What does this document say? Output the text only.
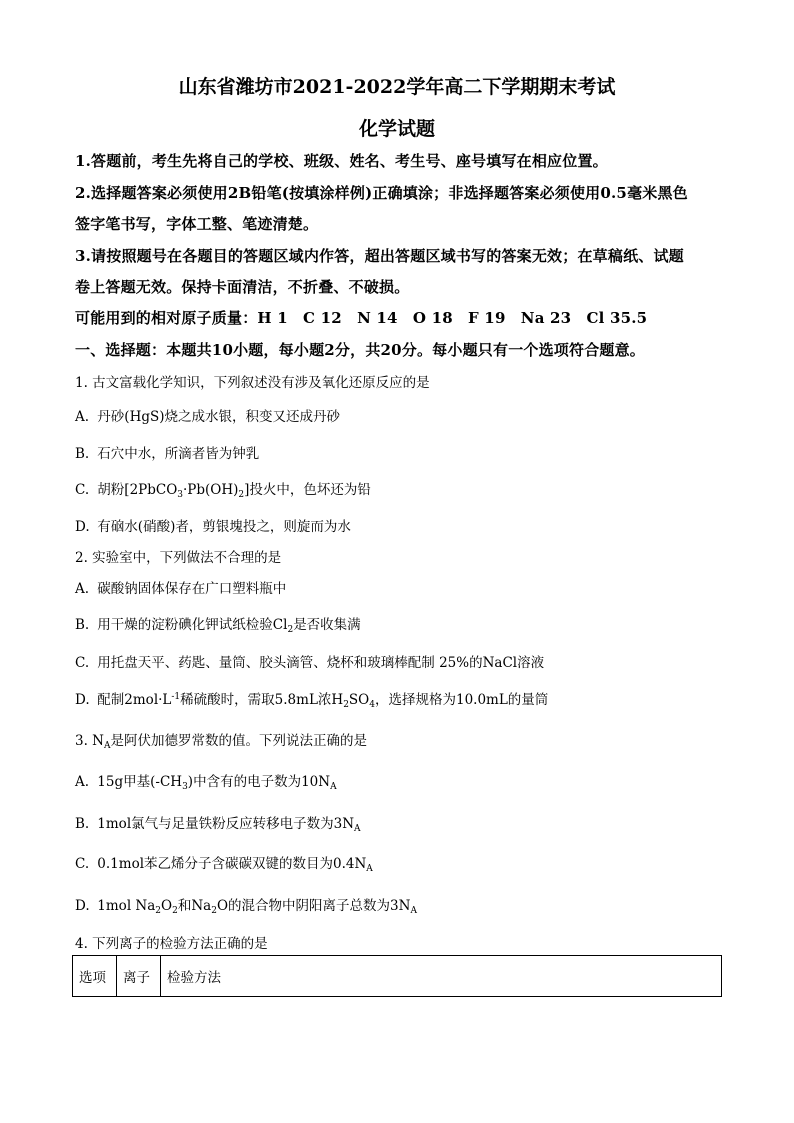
山东省潍坊市2021-2022学年高二下学期期末考试
化学试题
1.答题前，考生先将自己的学校、班级、姓名、考生号、座号填写在相应位置。
2.选择题答案必须使用2B铅笔(按填涂样例)正确填涂；非选择题答案必须使用0.5毫米黑色
签字笔书写，字体工整、笔迹清楚。
3.请按照题号在各题目的答题区域内作答，超出答题区域书写的答案无效；在草稿纸、试题
卷上答题无效。保持卡面清洁，不折叠、不破损。
可能用到的相对原子质量：H 1　C 12　N 14　O 18　F 19　Na 23　Cl 35.5
一、选择题：本题共10小题，每小题2分，共20分。每小题只有一个选项符合题意。
1. 古文富载化学知识，下列叙述没有涉及氧化还原反应的是
A. 丹砂(HgS)烧之成水银，积变又还成丹砂
B. 石穴中水，所滴者皆为钟乳
C. 胡粉$[2PbCO_3\cdot Pb(OH)_2]$投火中，色坏还为铅
D. 有硇水(硝酸)者，剪银塊投之，则旋而为水
2. 实验室中，下列做法不合理的是
A. 碳酸钠固体保存在广口塑料瓶中
B. 用干燥的淀粉碘化钾试纸检验$Cl_2$是否收集满
C. 用托盘天平、药匙、量筒、胶头滴管、烧杯和玻璃棒配制 25%的NaCl溶液
D. 配制$2mol\cdot L^{-1}$稀硫酸时，需取5.8mL浓$H_2SO_4$，选择规格为10.0mL的量筒
3. $N_A$是阿伏加德罗常数的值。下列说法正确的是
A. 15g甲基$(-CH_3)$中含有的电子数为$10N_A$
B. 1mol氯气与足量铁粉反应转移电子数为$3N_A$
C. 0.1mol苯乙烯分子含碳碳双键的数目为$0.4N_A$
D. 1mol $Na_2O_2$和$Na_2O$的混合物中阴阳离子总数为$3N_A$
4. 下列离子的检验方法正确的是
选项	离子	检验方法
